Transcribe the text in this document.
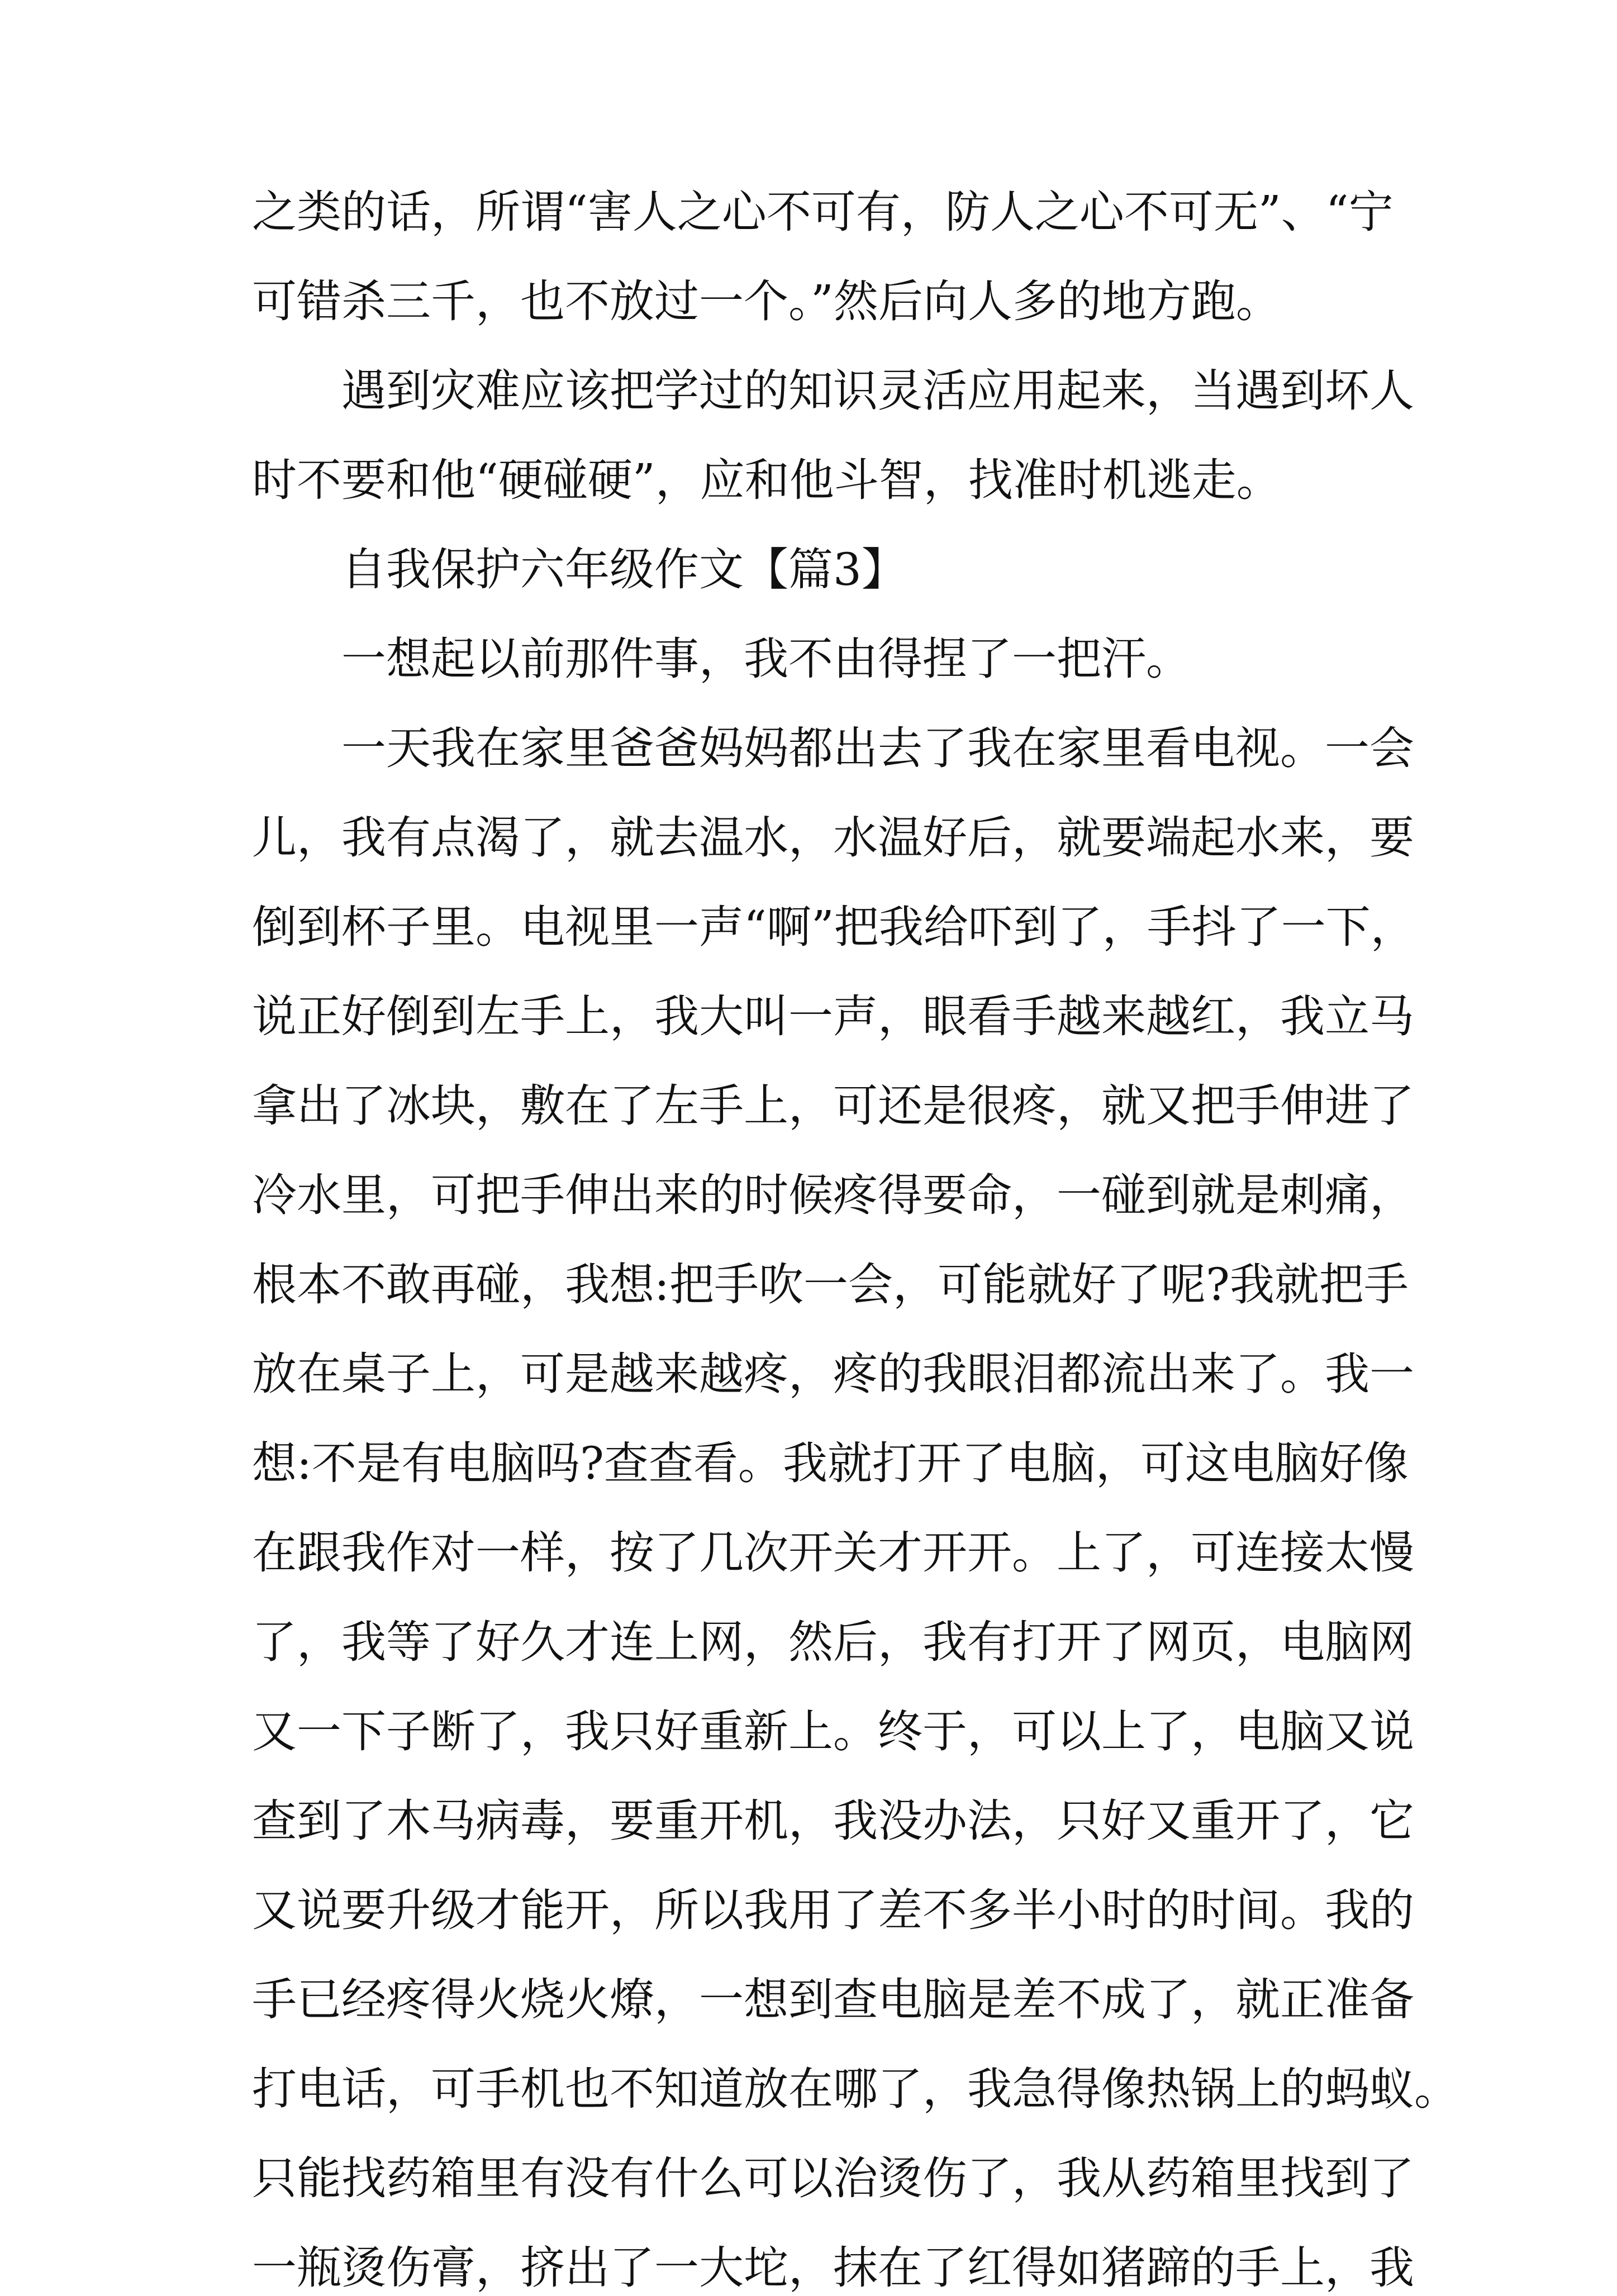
之类的话，所谓“害人之心不可有，防人之心不可无”、“宁
可错杀三千，也不放过一个。”然后向人多的地方跑。
遇到灾难应该把学过的知识灵活应用起来，当遇到坏人
时不要和他“硬碰硬”，应和他斗智，找准时机逃走。
自我保护六年级作文【篇3】
一想起以前那件事，我不由得捏了一把汗。
一天我在家里爸爸妈妈都出去了我在家里看电视。一会
儿，我有点渴了，就去温水，水温好后，就要端起水来，要
倒到杯子里。电视里一声“啊”把我给吓到了，手抖了一下，
说正好倒到左手上，我大叫一声，眼看手越来越红，我立马
拿出了冰块，敷在了左手上，可还是很疼，就又把手伸进了
冷水里，可把手伸出来的时候疼得要命，一碰到就是刺痛，
根本不敢再碰，我想:把手吹一会，可能就好了呢?我就把手
放在桌子上，可是越来越疼，疼的我眼泪都流出来了。我一
想:不是有电脑吗?查查看。我就打开了电脑，可这电脑好像
在跟我作对一样，按了几次开关才开开。上了，可连接太慢
了，我等了好久才连上网，然后，我有打开了网页，电脑网
又一下子断了，我只好重新上。终于，可以上了，电脑又说
查到了木马病毒，要重开机，我没办法，只好又重开了，它
又说要升级才能开，所以我用了差不多半小时的时间。我的
手已经疼得火烧火燎，一想到查电脑是差不成了，就正准备
打电话，可手机也不知道放在哪了，我急得像热锅上的蚂蚁。
只能找药箱里有没有什么可以治烫伤了，我从药箱里找到了
一瓶烫伤膏，挤出了一大坨，抹在了红得如猪蹄的手上，我
